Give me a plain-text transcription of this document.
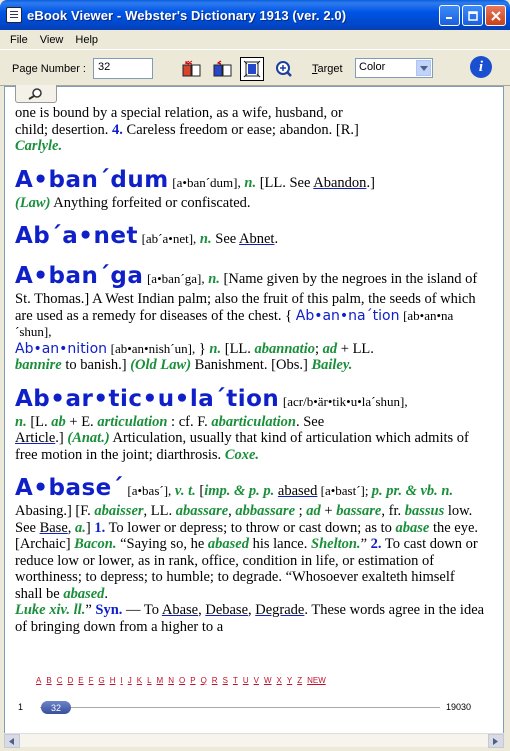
eBook Viewer - Webster's Dictionary 1913 (ver. 2.0)
File	View	Help
Page Number :	32	Target	Color	i
one is bound by a special relation, as a wife, husband, or
child; desertion. 4. Careless freedom or ease; abandon. [R.]
Carlyle.
A•ban´dum [a•ban´dum], n. [LL. See Abandon.]
(Law) Anything forfeited or confiscated.
Ab´a•net [ab´a•net], n. See Abnet.
A•ban´ga [a•ban´ga], n. [Name given by the negroes in the island of St. Thomas.] A West Indian palm; also the fruit of this palm, the seeds of which are used as a remedy for diseases of the chest. { Ab•an•na´tion [ab•an•na´shun],
Ab•an•nition [ab•an•nish´un], } n. [LL. abannatio; ad + LL.
bannire to banish.] (Old Law) Banishment. [Obs.] Bailey.
Ab•ar•tic•u•la´tion [acr/b•är•tik•u•la´shun],
n. [L. ab + E. articulation : cf. F. abarticulation. See
Article.] (Anat.) Articulation, usually that kind of articulation which admits of free motion in the joint; diarthrosis. Coxe.
A•base´ [a•bas´], v. t. [imp. & p. p. abased [a•bast´]; p. pr. & vb. n. Abasing.] [F. abaisser, LL. abassare, abbassare ; ad + bassare, fr. bassus low. See Base, a.] 1. To lower or depress; to throw or cast down; as to abase the eye. [Archaic] Bacon. “Saying so, he abased his lance. Shelton.” 2. To cast down or reduce low or lower, as in rank, office, condition in life, or estimation of worthiness; to depress; to humble; to degrade. “Whosoever exalteth himself shall be abased.
Luke xiv. ll.” Syn. — To Abase, Debase, Degrade. These words agree in the idea of bringing down from a higher to a
A B C D E F G H I J K L M N O P Q R S T U V W X Y Z NEW
1	32	19030
